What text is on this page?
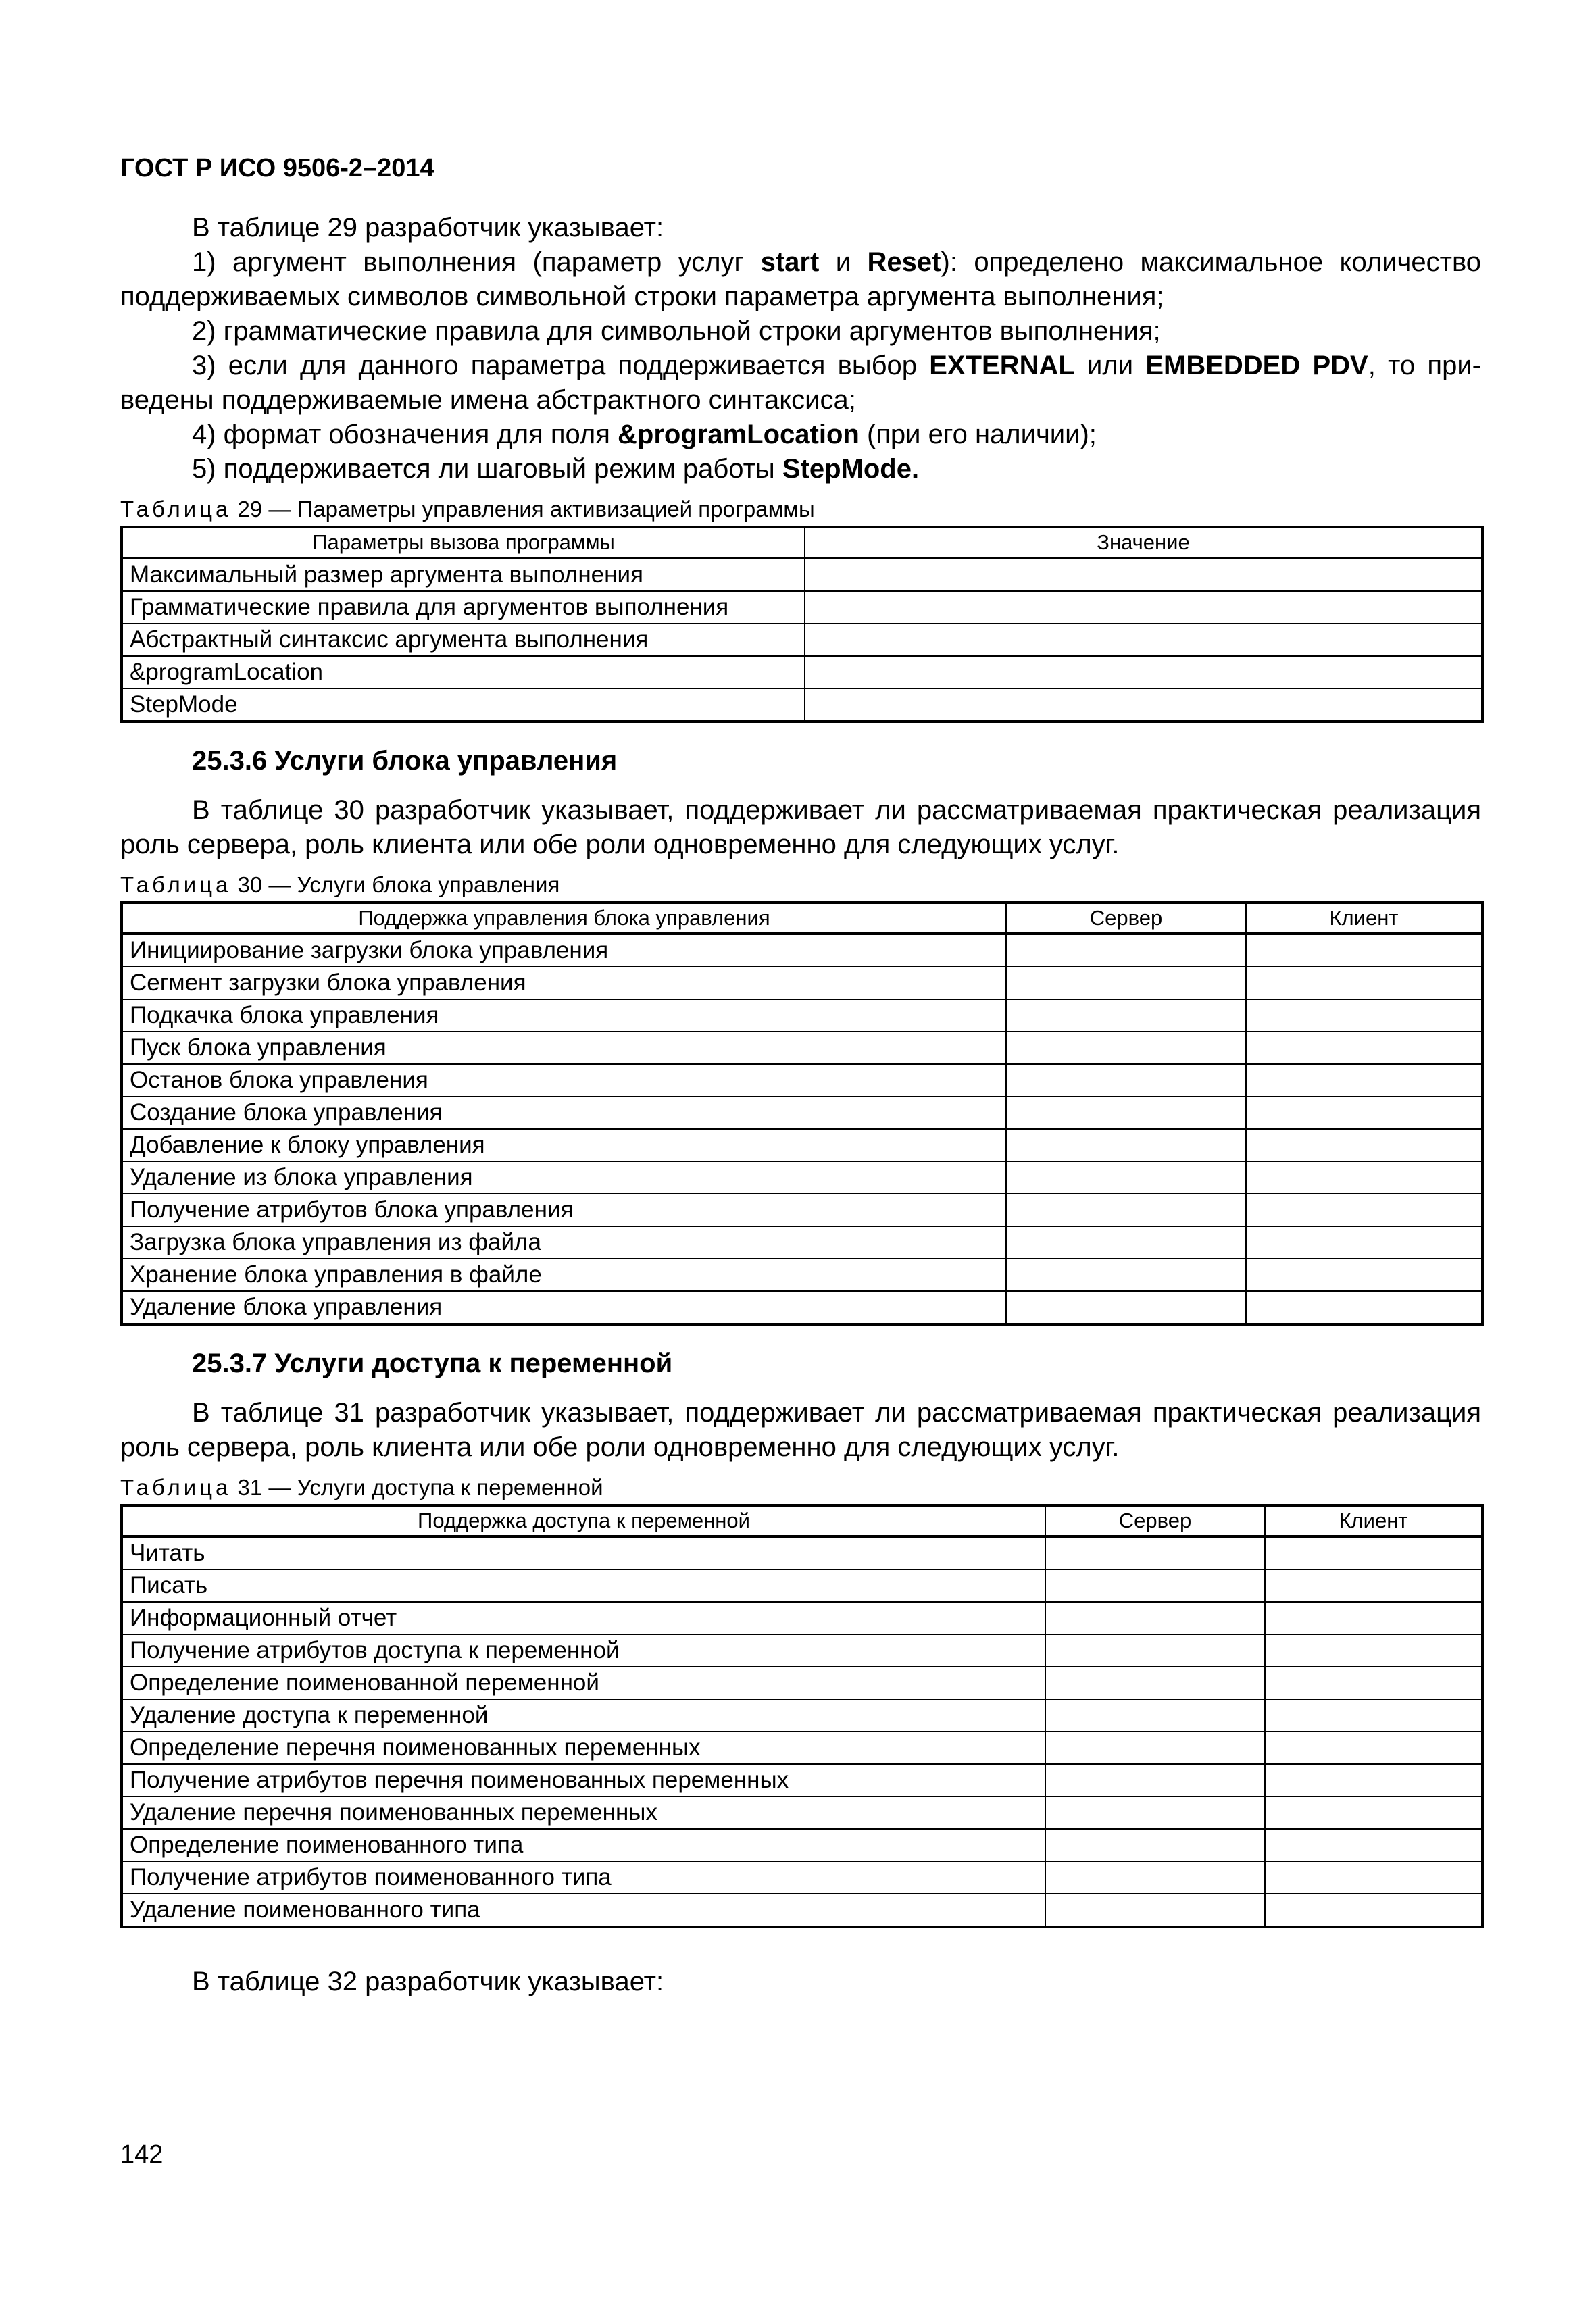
ГОСТ Р ИСО 9506-2–2014

В таблице 29 разработчик указывает:

1) аргумент выполнения (параметр услуг start и Reset): определено максимальное количество поддерживаемых символов символьной строки параметра аргумента выполнения;

2) грамматические правила для символьной строки аргументов выполнения;

3) если для данного параметра поддерживается выбор EXTERNAL или EMBEDDED PDV, то приведены поддерживаемые имена абстрактного синтаксиса;

4) формат обозначения для поля &programLocation (при его наличии);

5) поддерживается ли шаговый режим работы StepMode.

Таблица 29 — Параметры управления активизацией программы
Параметры вызова программы	Значение
Максимальный размер аргумента выполнения	
Грамматические правила для аргументов выполнения	
Абстрактный синтаксис аргумента выполнения	
&programLocation	
StepMode	
25.3.6 Услуги блока управления

В таблице 30 разработчик указывает, поддерживает ли рассматриваемая практическая реализация роль сервера, роль клиента или обе роли одновременно для следующих услуг.

Таблица 30 — Услуги блока управления
Поддержка управления блока управления	Сервер	Клиент
Инициирование загрузки блока управления		
Сегмент загрузки блока управления		
Подкачка блока управления		
Пуск блока управления		
Останов блока управления		
Создание блока управления		
Добавление к блоку управления		
Удаление из блока управления		
Получение атрибутов блока управления		
Загрузка блока управления из файла		
Хранение блока управления в файле		
Удаление блока управления		
25.3.7 Услуги доступа к переменной

В таблице 31 разработчик указывает, поддерживает ли рассматриваемая практическая реализация роль сервера, роль клиента или обе роли одновременно для следующих услуг.

Таблица 31 — Услуги доступа к переменной
Поддержка доступа к переменной	Сервер	Клиент
Читать		
Писать		
Информационный отчет		
Получение атрибутов доступа к переменной		
Определение поименованной переменной		
Удаление доступа к переменной		
Определение перечня поименованных переменных		
Получение атрибутов перечня поименованных переменных		
Удаление перечня поименованных переменных		
Определение поименованного типа		
Получение атрибутов поименованного типа		
Удаление поименованного типа		

В таблице 32 разработчик указывает:

142
